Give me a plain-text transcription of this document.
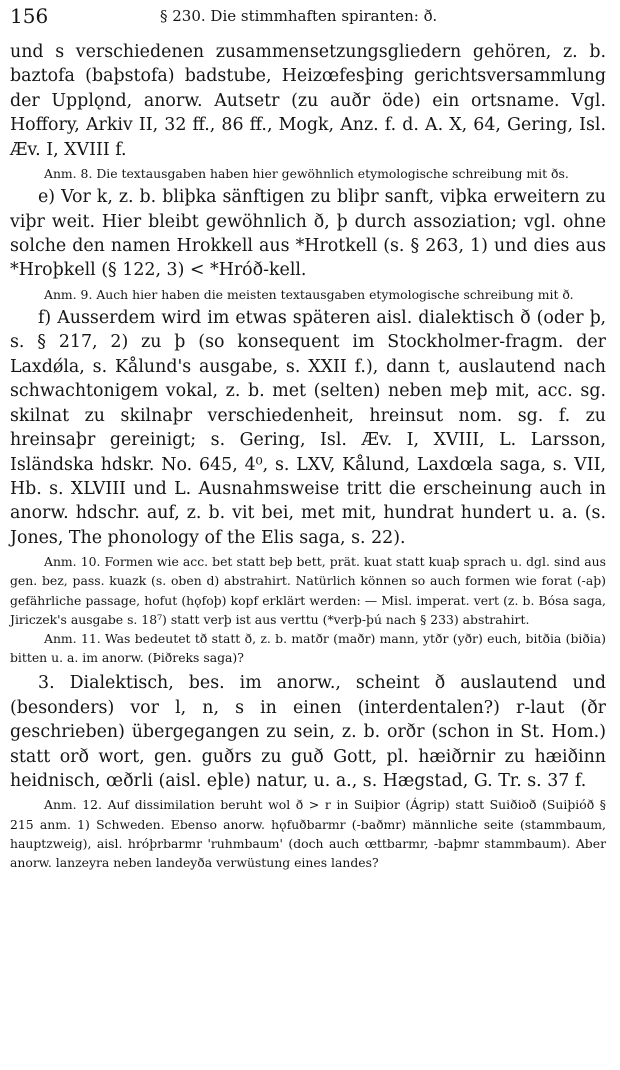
156	§ 230. Die stimmhaften spiranten: ð.

und s verschiedenen zusammensetzungsgliedern gehören, z. b. baztofa (baþstofa) badstube, Heizœfesþing gerichtsversammlung der Upplǫnd, anorw. Autsetr (zu auðr öde) ein ortsname. Vgl. Hoffory, Arkiv II, 32 ff., 86 ff., Mogk, Anz. f. d. A. X, 64, Gering, Isl. Æv. I, XVIII f.

Anm. 8. Die textausgaben haben hier gewöhnlich etymologische schreibung mit ðs.

e) Vor k, z. b. bliþka sänftigen zu bliþr sanft, viþka erweitern zu viþr weit. Hier bleibt gewöhnlich ð, þ durch assoziation; vgl. ohne solche den namen Hrokkell aus *Hrotkell (s. § 263, 1) und dies aus *Hroþkell (§ 122, 3) < *Hróð-kell.

Anm. 9. Auch hier haben die meisten textausgaben etymologische schreibung mit ð.

f) Ausserdem wird im etwas späteren aisl. dialektisch ð (oder þ, s. § 217, 2) zu þ (so konsequent im Stockholmer-fragm. der Laxdǿla, s. Kålund's ausgabe, s. XXII f.), dann t, auslautend nach schwachtonigem vokal, z. b. met (selten) neben meþ mit, acc. sg. skilnat zu skilnaþr verschiedenheit, hreinsut nom. sg. f. zu hreinsaþr gereinigt; s. Gering, Isl. Æv. I, XVIII, L. Larsson, Isländska hdskr. No. 645, 4⁰, s. LXV, Kålund, Laxdœla saga, s. VII, Hb. s. XLVIII und L. Ausnahmsweise tritt die erscheinung auch in anorw. hdschr. auf, z. b. vit bei, met mit, hundrat hundert u. a. (s. Jones, The phonology of the Elis saga, s. 22).

Anm. 10. Formen wie acc. bet statt beþ bett, prät. kuat statt kuaþ sprach u. dgl. sind aus gen. bez, pass. kuazk (s. oben d) abstrahirt. Natürlich können so auch formen wie forat (-aþ) gefährliche passage, hofut (hǫfoþ) kopf erklärt werden: — Misl. imperat. vert (z. b. Bósa saga, Jiriczek's ausgabe s. 18⁷) statt verþ ist aus verttu (*verþ-þú nach § 233) abstrahirt.

Anm. 11. Was bedeutet tð statt ð, z. b. matðr (maðr) mann, ytðr (yðr) euch, bitðia (biðia) bitten u. a. im anorw. (Þiðreks saga)?

3. Dialektisch, bes. im anorw., scheint ð auslautend und (besonders) vor l, n, s in einen (interdentalen?) r-laut (ðr geschrieben) übergegangen zu sein, z. b. orðr (schon in St. Hom.) statt orð wort, gen. guðrs zu guð Gott, pl. hæiðrnir zu hæiðinn heidnisch, œðrli (aisl. eþle) natur, u. a., s. Hægstad, G. Tr. s. 37 f.

Anm. 12. Auf dissimilation beruht wol ð > r in Suiþior (Ágrip) statt Suiðioð (Suiþióð § 215 anm. 1) Schweden. Ebenso anorw. hǫfuðbarmr (-baðmr) männliche seite (stammbaum, hauptzweig), aisl. hróþrbarmr 'ruhmbaum' (doch auch œttbarmr, -baþmr stammbaum). Aber anorw. lanzeyra neben landeyða verwüstung eines landes?
